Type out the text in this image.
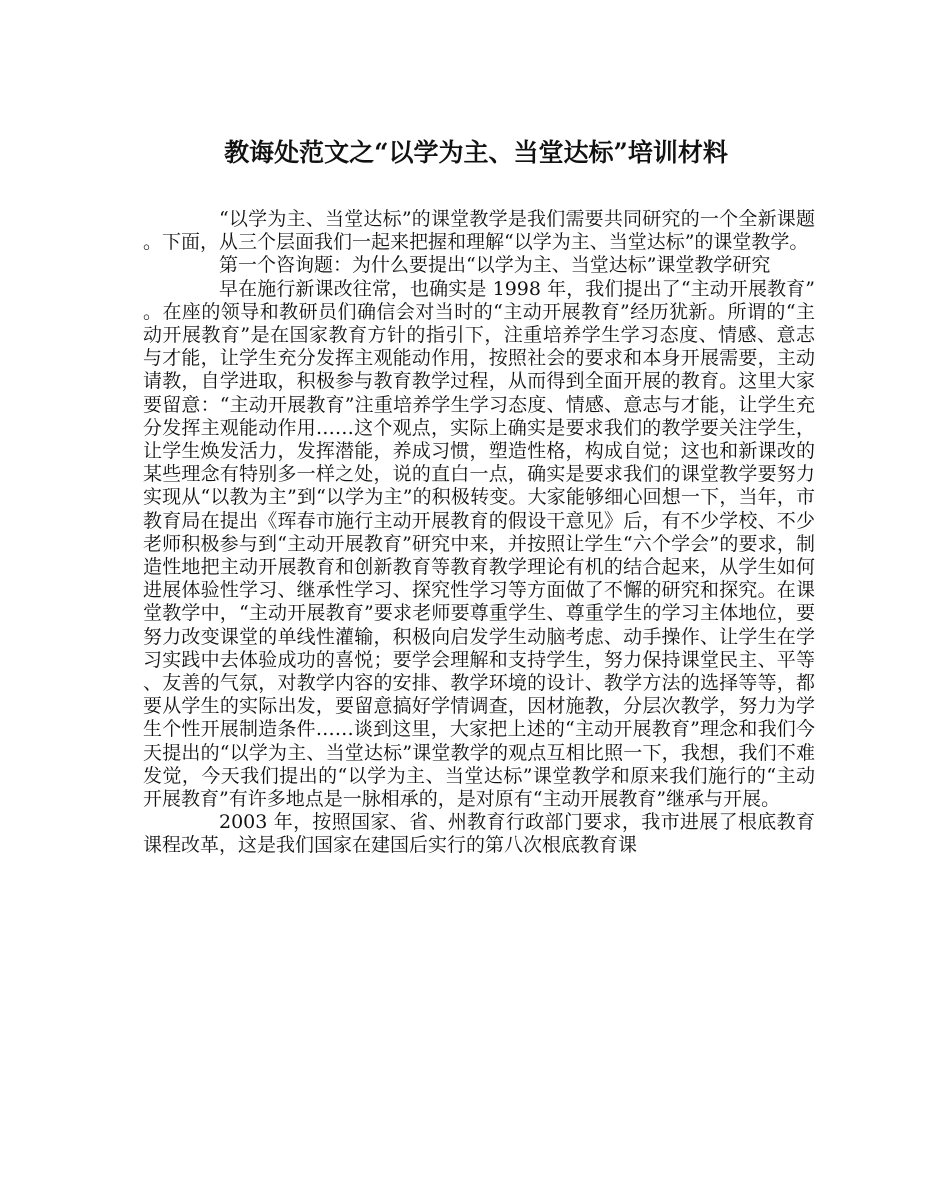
教诲处范文之“以学为主、当堂达标”培训材料

“以学为主、当堂达标”的课堂教学是我们需要共同研究的一个全新课题。下面，从三个层面我们一起来把握和理解“以学为主、当堂达标”的课堂教学。

第一个咨询题：为什么要提出“以学为主、当堂达标”课堂教学研究

早在施行新课改往常，也确实是 1998 年，我们提出了“主动开展教育”。在座的领导和教研员们确信会对当时的“主动开展教育”经历犹新。所谓的“主动开展教育”是在国家教育方针的指引下，注重培养学生学习态度、情感、意志与才能，让学生充分发挥主观能动作用，按照社会的要求和本身开展需要，主动请教，自学进取，积极参与教育教学过程，从而得到全面开展的教育。这里大家要留意：“主动开展教育”注重培养学生学习态度、情感、意志与才能，让学生充分发挥主观能动作用……这个观点，实际上确实是要求我们的教学要关注学生，让学生焕发活力，发挥潜能，养成习惯，塑造性格，构成自觉；这也和新课改的某些理念有特别多一样之处，说的直白一点，确实是要求我们的课堂教学要努力实现从“以教为主”到“以学为主”的积极转变。大家能够细心回想一下，当年，市教育局在提出《珲春市施行主动开展教育的假设干意见》后，有不少学校、不少老师积极参与到“主动开展教育”研究中来，并按照让学生“六个学会”的要求，制造性地把主动开展教育和创新教育等教育教学理论有机的结合起来，从学生如何进展体验性学习、继承性学习、探究性学习等方面做了不懈的研究和探究。在课堂教学中，“主动开展教育”要求老师要尊重学生、尊重学生的学习主体地位，要努力改变课堂的单线性灌输，积极向启发学生动脑考虑、动手操作、让学生在学习实践中去体验成功的喜悦；要学会理解和支持学生，努力保持课堂民主、平等、友善的气氛，对教学内容的安排、教学环境的设计、教学方法的选择等等，都要从学生的实际出发，要留意搞好学情调查，因材施教，分层次教学，努力为学生个性开展制造条件……谈到这里，大家把上述的“主动开展教育”理念和我们今天提出的“以学为主、当堂达标”课堂教学的观点互相比照一下，我想，我们不难发觉，今天我们提出的“以学为主、当堂达标”课堂教学和原来我们施行的“主动开展教育”有许多地点是一脉相承的，是对原有“主动开展教育”继承与开展。

2003 年，按照国家、省、州教育行政部门要求，我市进展了根底教育课程改革，这是我们国家在建国后实行的第八次根底教育课
